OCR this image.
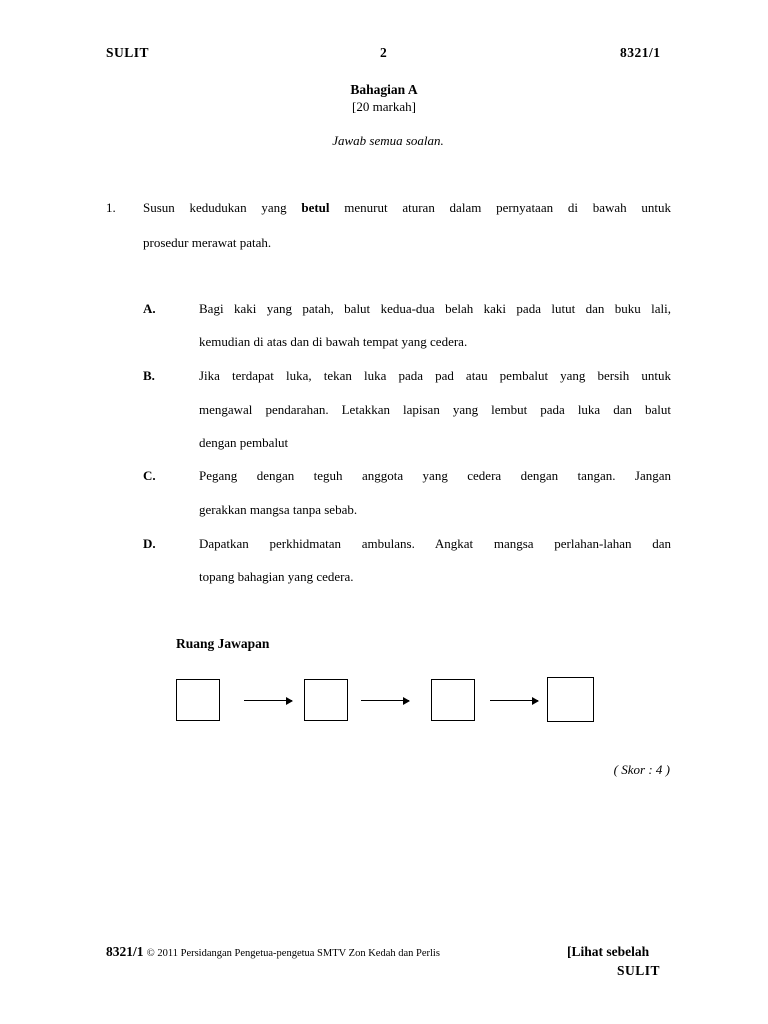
SULIT	2	8321/1
Bahagian A
[20 markah]
Jawab semua soalan.
1. Susun kedudukan yang betul menurut aturan dalam pernyataan di bawah untuk
prosedur merawat patah.
A.	Bagi kaki yang patah, balut kedua-dua belah kaki pada lutut dan buku lali,
kemudian di atas dan di bawah tempat yang cedera.
B.	Jika terdapat luka, tekan luka pada pad atau pembalut yang bersih untuk
mengawal pendarahan. Letakkan lapisan yang lembut pada luka dan balut
dengan pembalut
C.	Pegang dengan teguh anggota yang cedera dengan tangan. Jangan
gerakkan mangsa tanpa sebab.
D.	Dapatkan perkhidmatan ambulans. Angkat mangsa perlahan-lahan dan
topang bahagian yang cedera.
Ruang Jawapan
( Skor : 4 )
8321/1 © 2011 Persidangan Pengetua-pengetua SMTV Zon Kedah dan Perlis	[Lihat sebelah
SULIT
